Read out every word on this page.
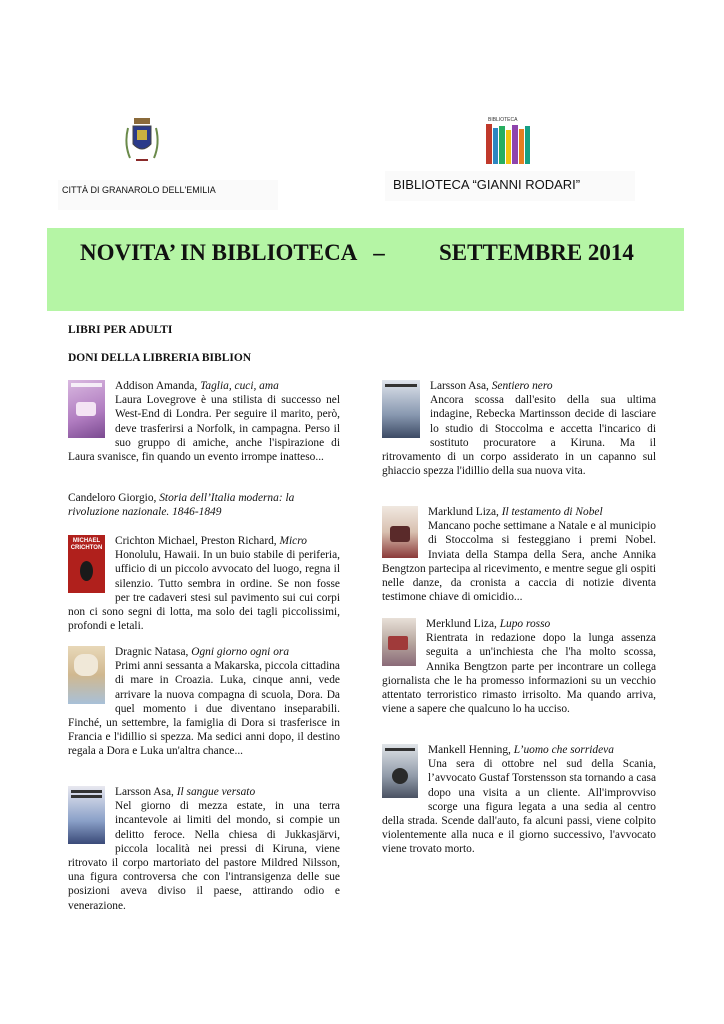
CITTÀ DI GRANAROLO DELL'EMILIA
BIBLIOTECA
BIBLIOTECA “GIANNI RODARI”
NOVITA’ IN BIBLIOTECA   – SETTEMBRE 2014
LIBRI PER ADULTI
DONI DELLA LIBRERIA BIBLION
Addison Amanda, Taglia, cuci, ama
Laura Lovegrove è una stilista di successo nel West-End di Londra. Per seguire il marito, però, deve trasferirsi a Norfolk, in campagna. Perso il suo gruppo di amiche, anche l'ispirazione di Laura svanisce, fin quando un evento irrompe inatteso...
Candeloro Giorgio, Storia dell’Italia moderna: la rivoluzione nazionale. 1846-1849
MICHAEL CRICHTON
Crichton Michael, Preston Richard, Micro
Honolulu, Hawaii. In un buio stabile di periferia, ufficio di un piccolo avvocato del luogo, regna il silenzio. Tutto sembra in ordine. Se non fosse per tre cadaveri stesi sul pavimento sui cui corpi non ci sono segni di lotta, ma solo dei tagli piccolissimi, profondi e letali.
Dragnic Natasa, Ogni giorno ogni ora
Primi anni sessanta a Makarska, piccola cittadina di mare in Croazia. Luka, cinque anni, vede arrivare la nuova compagna di scuola, Dora. Da quel momento i due diventano inseparabili. Finché, un settembre, la famiglia di Dora si trasferisce in Francia e l'idillio si spezza. Ma sedici anni dopo, il destino regala a Dora e Luka un'altra chance...
Larsson Asa, Il sangue versato
Nel giorno di mezza estate, in una terra incantevole ai limiti del mondo, si compie un delitto feroce. Nella chiesa di Jukkasjärvi, piccola località nei pressi di Kiruna, viene ritrovato il corpo martoriato del pastore Mildred Nilsson, una figura controversa che con l'intransigenza delle sue posizioni aveva diviso il paese, attirando odio e venerazione.
Larsson Asa, Sentiero nero
Ancora scossa dall'esito della sua ultima indagine, Rebecka Martinsson decide di lasciare lo studio di Stoccolma e accetta l'incarico di sostituto procuratore a Kiruna. Ma il ritrovamento di un corpo assiderato in un capanno sul ghiaccio spezza l'idillio della sua nuova vita.
Marklund Liza, Il testamento di Nobel
Mancano poche settimane a Natale e al municipio di Stoccolma si festeggiano i premi Nobel. Inviata della Stampa della Sera, anche Annika Bengtzon partecipa al ricevimento, e mentre segue gli ospiti nelle danze, da cronista a caccia di notizie diventa testimone chiave di omicidio...
Merklund Liza, Lupo rosso
Rientrata in redazione dopo la lunga assenza seguita a un'inchiesta che l'ha molto scossa, Annika Bengtzon parte per incontrare un collega giornalista che le ha promesso informazioni su un vecchio attentato terroristico rimasto irrisolto. Ma quando arriva, viene a sapere che qualcuno lo ha ucciso.
Mankell Henning, L’uomo che sorrideva
Una sera di ottobre nel sud della Scania, l’avvocato Gustaf Torstensson sta tornando a casa dopo una visita a un cliente. All'improvviso scorge una figura legata a una sedia al centro della strada. Scende dall'auto, fa alcuni passi, viene colpito violentemente alla nuca e il giorno successivo, l'avvocato viene trovato morto.
